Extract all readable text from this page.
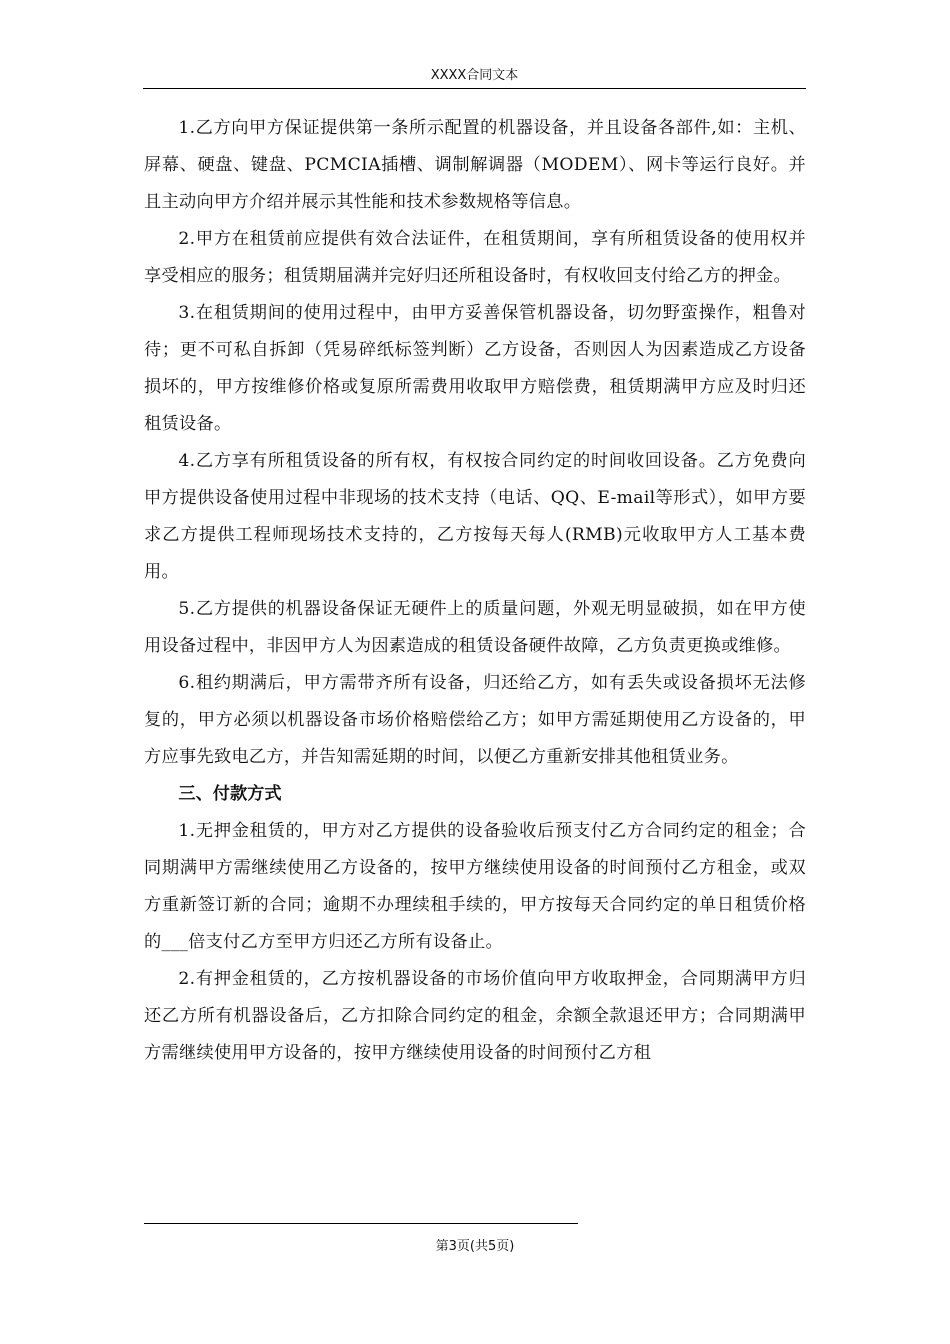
XXXX合同文本

1.乙方向甲方保证提供第一条所示配置的机器设备，并且设备各部件,如：主机、屏幕、硬盘、键盘、PCMCIA插槽、调制解调器（MODEM）、网卡等运行良好。并且主动向甲方介绍并展示其性能和技术参数规格等信息。

2.甲方在租赁前应提供有效合法证件，在租赁期间，享有所租赁设备的使用权并享受相应的服务；租赁期届满并完好归还所租设备时，有权收回支付给乙方的押金。

3.在租赁期间的使用过程中，由甲方妥善保管机器设备，切勿野蛮操作，粗鲁对待；更不可私自拆卸（凭易碎纸标签判断）乙方设备，否则因人为因素造成乙方设备损坏的，甲方按维修价格或复原所需费用收取甲方赔偿费，租赁期满甲方应及时归还租赁设备。

4.乙方享有所租赁设备的所有权，有权按合同约定的时间收回设备。乙方免费向甲方提供设备使用过程中非现场的技术支持（电话、QQ、E-mail等形式），如甲方要求乙方提供工程师现场技术支持的，乙方按每天每人(RMB)元收取甲方人工基本费用。

5.乙方提供的机器设备保证无硬件上的质量问题，外观无明显破损，如在甲方使用设备过程中，非因甲方人为因素造成的租赁设备硬件故障，乙方负责更换或维修。

6.租约期满后，甲方需带齐所有设备，归还给乙方，如有丢失或设备损坏无法修复的，甲方必须以机器设备市场价格赔偿给乙方；如甲方需延期使用乙方设备的，甲方应事先致电乙方，并告知需延期的时间，以便乙方重新安排其他租赁业务。

三、付款方式

1.无押金租赁的，甲方对乙方提供的设备验收后预支付乙方合同约定的租金；合同期满甲方需继续使用乙方设备的，按甲方继续使用设备的时间预付乙方租金，或双方重新签订新的合同；逾期不办理续租手续的，甲方按每天合同约定的单日租赁价格的___倍支付乙方至甲方归还乙方所有设备止。

2.有押金租赁的，乙方按机器设备的市场价值向甲方收取押金，合同期满甲方归还乙方所有机器设备后，乙方扣除合同约定的租金，余额全款退还甲方；合同期满甲方需继续使用甲方设备的，按甲方继续使用设备的时间预付乙方租

第3页(共5页)
